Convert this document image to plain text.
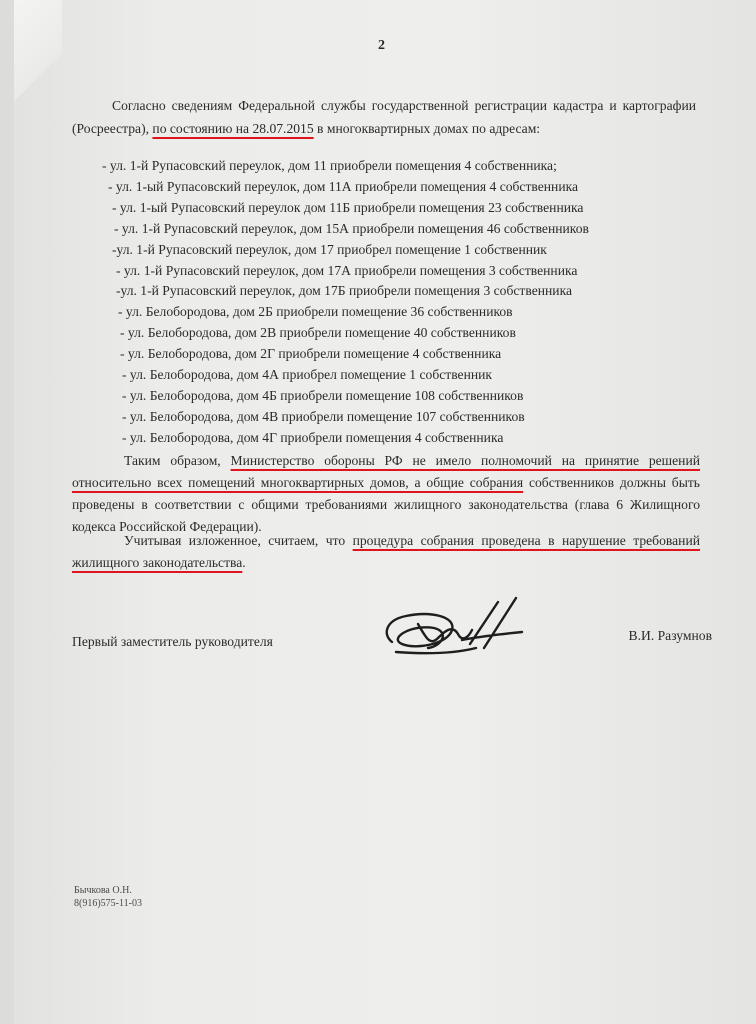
2
Согласно сведениям Федеральной службы государственной регистрации кадастра и картографии (Росреестра), по состоянию на 28.07.2015 в многоквартирных домах по адресам:
- ул. 1-й Рупасовский переулок, дом 11 приобрели помещения 4 собственника;
- ул. 1-ый Рупасовский переулок, дом 11А приобрели помещения 4 собственника
- ул. 1-ый Рупасовский переулок дом 11Б приобрели помещения 23 собственника
- ул. 1-й Рупасовский переулок, дом 15А приобрели помещения 46 собственников
-ул. 1-й Рупасовский переулок, дом 17 приобрел помещение 1 собственник
- ул. 1-й Рупасовский переулок, дом 17А приобрели помещения 3 собственника
-ул. 1-й Рупасовский переулок, дом 17Б приобрели помещения 3 собственника
- ул. Белобородова, дом 2Б приобрели помещение 36 собственников
- ул. Белобородова, дом 2В приобрели помещение 40 собственников
- ул. Белобородова, дом 2Г приобрели помещение 4 собственника
- ул. Белобородова, дом 4А приобрел помещение 1 собственник
- ул. Белобородова, дом 4Б приобрели помещение 108 собственников
- ул. Белобородова, дом 4В приобрели помещение 107 собственников
- ул. Белобородова, дом 4Г приобрели помещения 4 собственника
Таким образом, Министерство обороны РФ не имело полномочий на принятие решений относительно всех помещений многоквартирных домов, а общие собрания собственников должны быть проведены в соответствии с общими требованиями жилищного законодательства (глава 6 Жилищного кодекса Российской Федерации).
Учитывая изложенное, считаем, что процедура собрания проведена в нарушение требований жилищного законодательства.
Первый заместитель руководителя	В.И. Разумнов
Бычкова О.Н.
8(916)575-11-03
